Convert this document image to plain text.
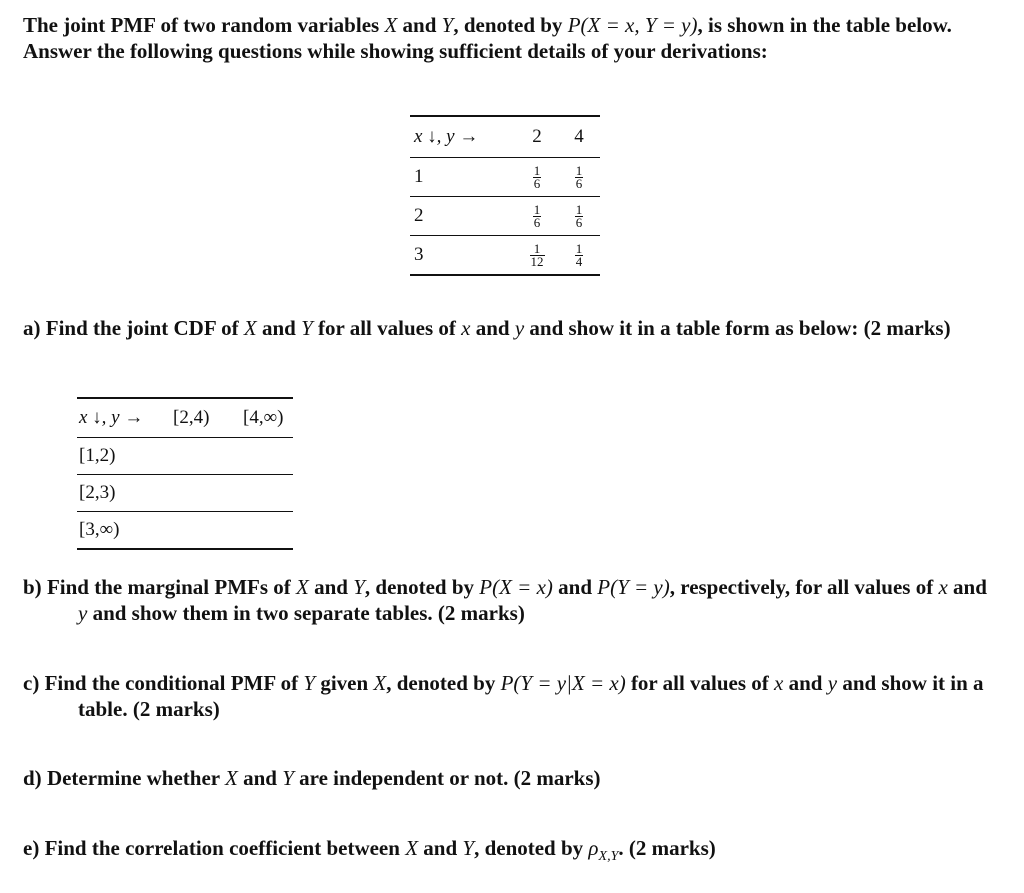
The joint PMF of two random variables X and Y, denoted by P(X = x, Y = y), is shown in the table below. Answer the following questions while showing sufficient details of your derivations:
x ↓, y →	2	4
1	$\frac{1}{6}$	$\frac{1}{6}$

2	$\frac{1}{6}$	$\frac{1}{6}$

3	$\frac{1}{12}$	$\frac{1}{4}$
a) Find the joint CDF of X and Y for all values of x and y and show it in a table form as below: (2 marks)
x ↓, y →	[2,4)	[4,∞)
[1,2)		
[2,3)		
[3,∞)		
b) Find the marginal PMFs of X and Y, denoted by P(X = x) and P(Y = y), respectively, for all values of x and y and show them in two separate tables. (2 marks)
c) Find the conditional PMF of Y given X, denoted by P(Y = y|X = x) for all values of x and y and show it in a table. (2 marks)
d) Determine whether X and Y are independent or not. (2 marks)
e) Find the correlation coefficient between X and Y, denoted by $\rho_{X,Y}$. (2 marks)
